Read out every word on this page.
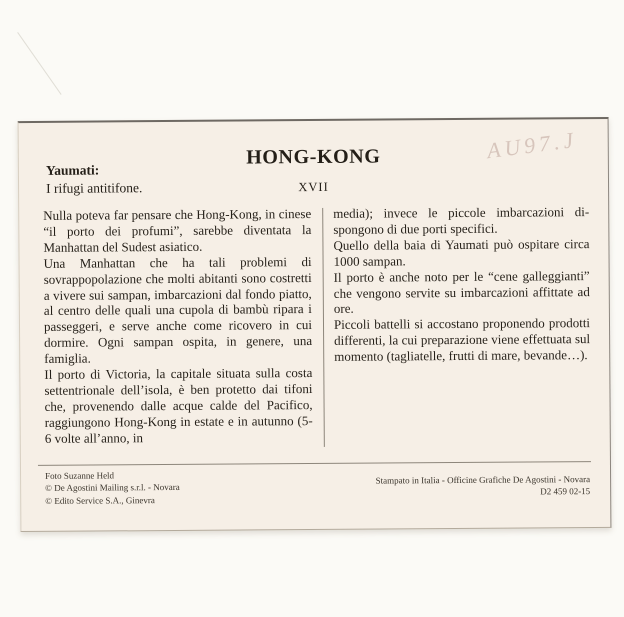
AU97.J
HONG-KONG
Yaumati:
I rifugi antitifone.	XVII

Nulla poteva far pensare che Hong-Kong, in cinese “il porto dei profumi”, sarebbe diventata la Manhattan del Sudest asiatico.

Una Manhattan che ha tali problemi di sovrappopolazione che molti abitanti sono costretti a vivere sui sampan, imbarcazioni dal fondo piatto, al centro delle quali una cupola di bambù ripara i passeggeri, e serve anche come ricovero in cui dormire. Ogni sampan ospita, in genere, una famiglia.

Il porto di Victoria, la capitale situata sulla costa settentrionale dell’isola, è ben protetto dai tifoni che, provenendo dalle acque calde del Pacifico, raggiungono Hong-Kong in estate e in autunno (5-6 volte all’anno, in

media); invece le piccole imbarcazioni dispongono di due porti specifici.

Quello della baia di Yaumati può ospitare circa 1000 sampan.

Il porto è anche noto per le “cene galleggianti” che vengono servite su imbarcazioni affittate ad ore.

Piccoli battelli si accostano proponendo prodotti differenti, la cui preparazione viene effettuata sul momento (tagliatelle, frutti di mare, bevande…).

Foto Suzanne Held
© De Agostini Mailing s.r.l. - Novara
© Edito Service S.A., Ginevra
Stampato in Italia - Officine Grafiche De Agostini - Novara
D2 459 02-15
